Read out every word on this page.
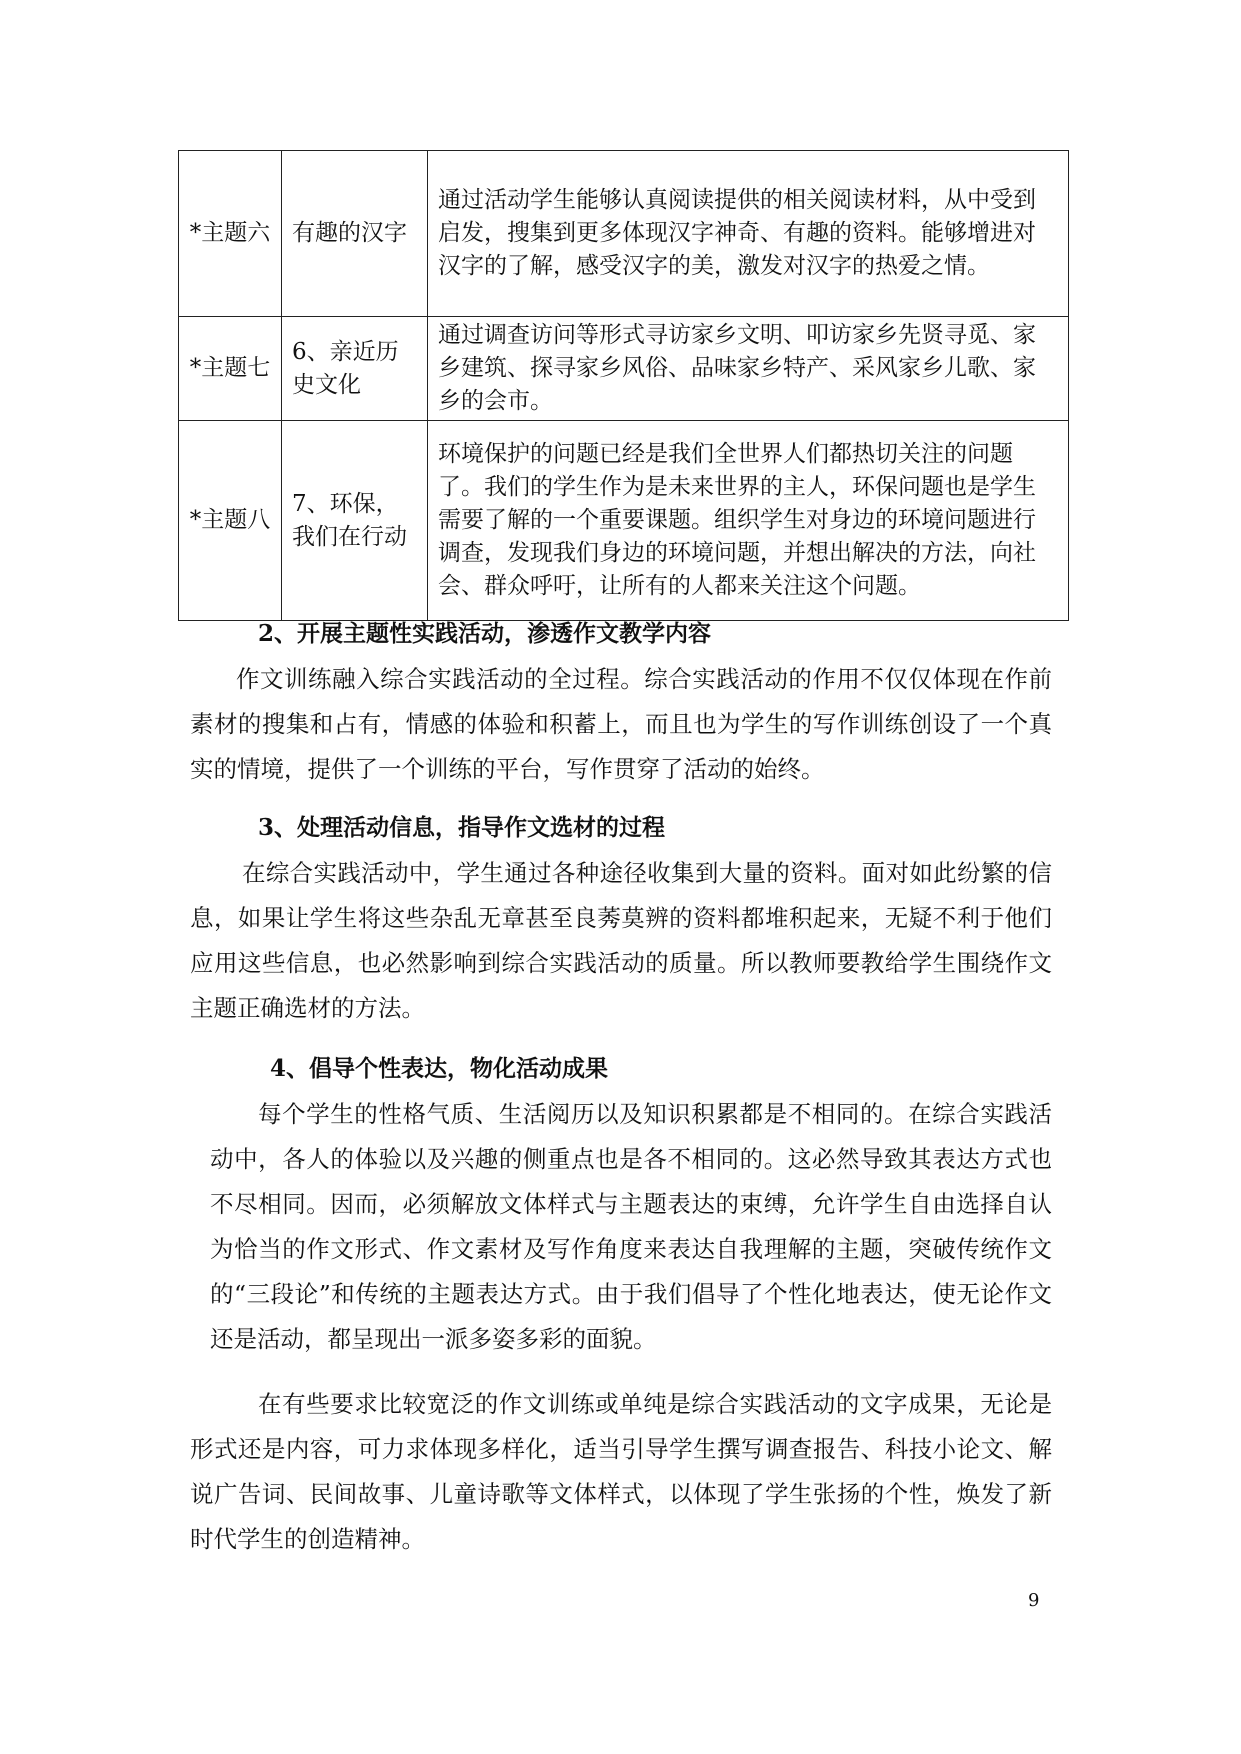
*主题六	有趣的汉字	通过活动学生能够认真阅读提供的相关阅读材料，从中受到启发，搜集到更多体现汉字神奇、有趣的资料。能够增进对汉字的了解，感受汉字的美，激发对汉字的热爱之情。
*主题七	6、亲近历史文化	通过调查访问等形式寻访家乡文明、叩访家乡先贤寻觅、家乡建筑、探寻家乡风俗、品味家乡特产、采风家乡儿歌、家乡的会市。
*主题八	7、环保，我们在行动	环境保护的问题已经是我们全世界人们都热切关注的问题了。我们的学生作为是未来世界的主人，环保问题也是学生需要了解的一个重要课题。组织学生对身边的环境问题进行调查，发现我们身边的环境问题，并想出解决的方法，向社会、群众呼吁，让所有的人都来关注这个问题。
2、开展主题性实践活动，渗透作文教学内容
作文训练融入综合实践活动的全过程。综合实践活动的作用不仅仅体现在作前素材的搜集和占有，情感的体验和积蓄上，而且也为学生的写作训练创设了一个真实的情境，提供了一个训练的平台，写作贯穿了活动的始终。
3、处理活动信息，指导作文选材的过程
在综合实践活动中，学生通过各种途径收集到大量的资料。面对如此纷繁的信息，如果让学生将这些杂乱无章甚至良莠莫辨的资料都堆积起来，无疑不利于他们应用这些信息，也必然影响到综合实践活动的质量。所以教师要教给学生围绕作文主题正确选材的方法。
4、倡导个性表达，物化活动成果
每个学生的性格气质、生活阅历以及知识积累都是不相同的。在综合实践活动中，各人的体验以及兴趣的侧重点也是各不相同的。这必然导致其表达方式也不尽相同。因而，必须解放文体样式与主题表达的束缚，允许学生自由选择自认为恰当的作文形式、作文素材及写作角度来表达自我理解的主题，突破传统作文的“三段论”和传统的主题表达方式。由于我们倡导了个性化地表达，使无论作文还是活动，都呈现出一派多姿多彩的面貌。
在有些要求比较宽泛的作文训练或单纯是综合实践活动的文字成果，无论是形式还是内容，可力求体现多样化，适当引导学生撰写调查报告、科技小论文、解说广告词、民间故事、儿童诗歌等文体样式，以体现了学生张扬的个性，焕发了新时代学生的创造精神。
9
